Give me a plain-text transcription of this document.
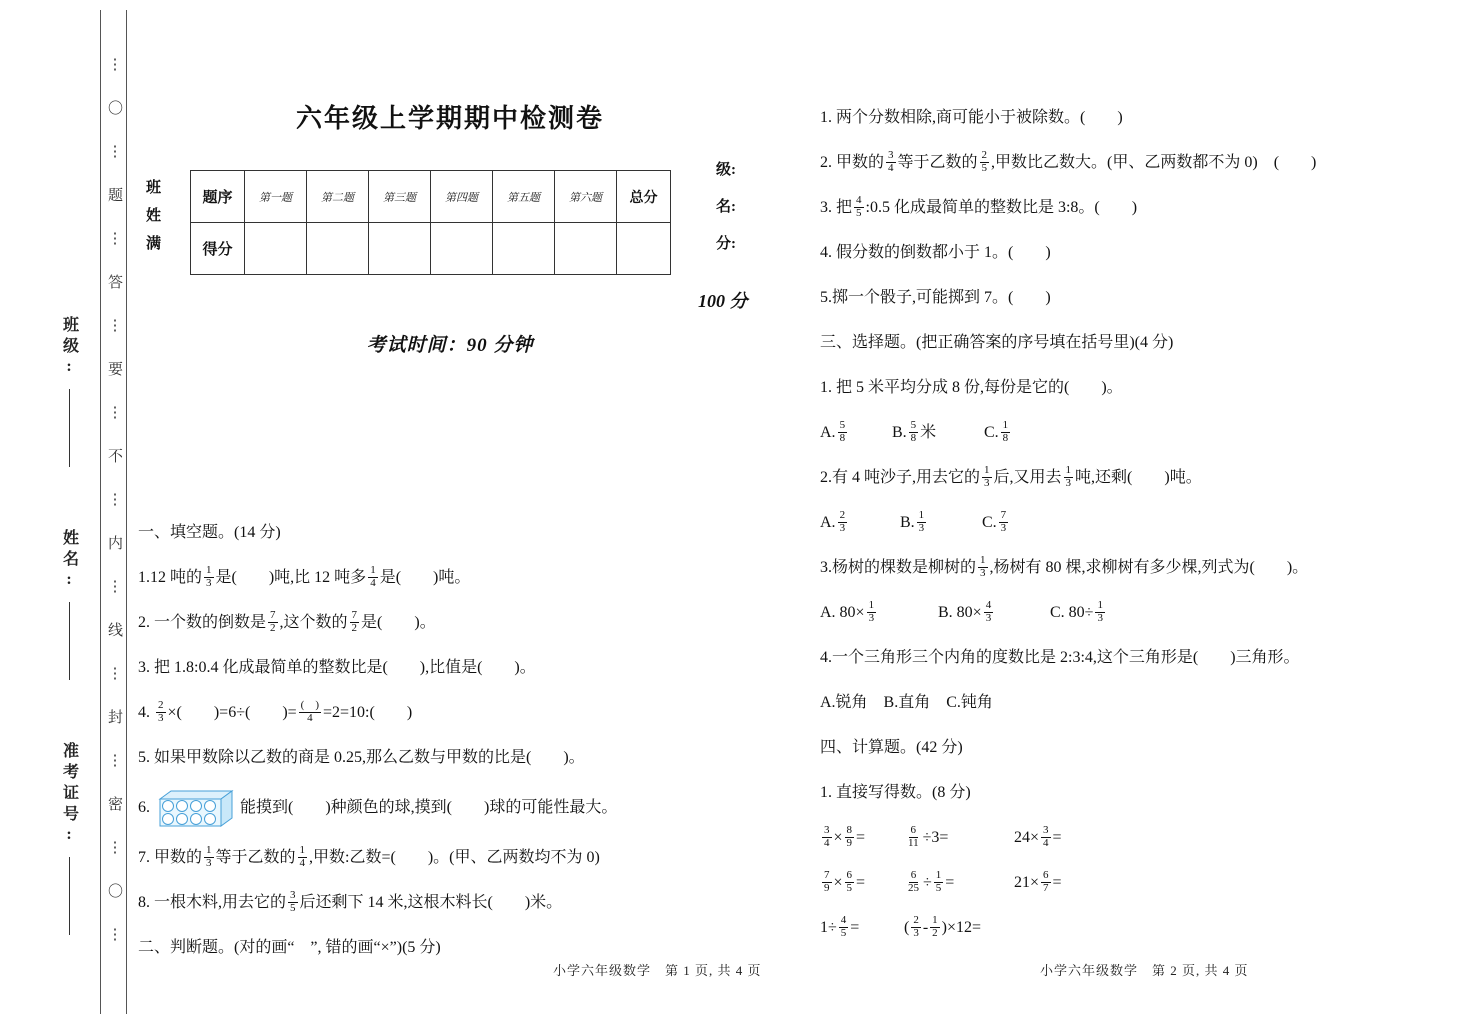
班级:
姓名:
准考证号:	⋮〇⋮题⋮答⋮要⋮不⋮内⋮线⋮封⋮密⋮〇⋮	六年级上学期期中检测卷
班
姓
满
题序	第一题	第二题	第三题	第四题	第五题	第六题	总分
得分							
级:
名:
分:
100 分
考试时间：90 分钟

一、填空题。(14 分)

1.12 吨的 $\frac{1}{3}$ 是(　　)吨,比 12 吨多 $\frac{1}{4}$ 是(　　)吨。

2. 一个数的倒数是 $\frac{7}{2}$ ,这个数的 $\frac{7}{2}$ 是(　　)。

3. 把 1.8:0.4 化成最简单的整数比是(　　),比值是(　　)。

4. $\frac{2}{3}$ ×(　　)=6÷(　　)= $\frac{( )}{4}$ =2=10:(　　)

5. 如果甲数除以乙数的商是 0.25,那么乙数与甲数的比是(　　)。

6.	能摸到(　　)种颜色的球,摸到(　　)球的可能性最大。

7. 甲数的 $\frac{1}{3}$ 等于乙数的 $\frac{1}{4}$ ,甲数:乙数=(　　)。(甲、乙两数均不为 0)

8. 一根木料,用去它的 $\frac{3}{5}$ 后还剩下 14 米,这根木料长(　　)米。

二、判断题。(对的画“　”, 错的画“×”)(5 分)

小学六年级数学　第 1 页, 共 4 页

1. 两个分数相除,商可能小于被除数。(　　)

2. 甲数的 $\frac{3}{4}$ 等于乙数的 $\frac{2}{5}$ ,甲数比乙数大。(甲、乙两数都不为 0)　(　　)

3. 把 $\frac{4}{5}$ :0.5 化成最简单的整数比是 3:8。(　　)

4. 假分数的倒数都小于 1。(　　)

5.掷一个骰子,可能掷到 7。(　　)

三、选择题。(把正确答案的序号填在括号里)(4 分)

1. 把 5 米平均分成 8 份,每份是它的(　　)。

A. $\frac{5}{8}$	B. $\frac{5}{8}$ 米	C. $\frac{1}{8}$

2.有 4 吨沙子,用去它的 $\frac{1}{3}$ 后,又用去 $\frac{1}{3}$ 吨,还剩(　　)吨。

A. $\frac{2}{3}$	B. $\frac{1}{3}$	C. $\frac{7}{3}$

3.杨树的棵数是柳树的 $\frac{1}{3}$ ,杨树有 80 棵,求柳树有多少棵,列式为(　　)。

A. $80\times \frac{1}{3}$	B. $80\times \frac{4}{3}$	C. $80\div \frac{1}{3}$

4.一个三角形三个内角的度数比是 2:3:4,这个三角形是(　　)三角形。

A.锐角　B.直角　C.钝角

四、计算题。(42 分)

1. 直接写得数。(8 分)

$\frac{3}{4} \times \frac{8}{9}$ =	$\frac{6}{11} \div 3=$	$24\times \frac{3}{4}$ =
$\frac{7}{9} \times \frac{6}{5}$ =	$\frac{6}{25} \div \frac{1}{5}$ =	$21\times \frac{6}{7}$ =
$1\div \frac{4}{5}$ =	( $\frac{2}{3} - \frac{1}{2} )\times 12=$
小学六年级数学　第 2 页, 共 4 页
